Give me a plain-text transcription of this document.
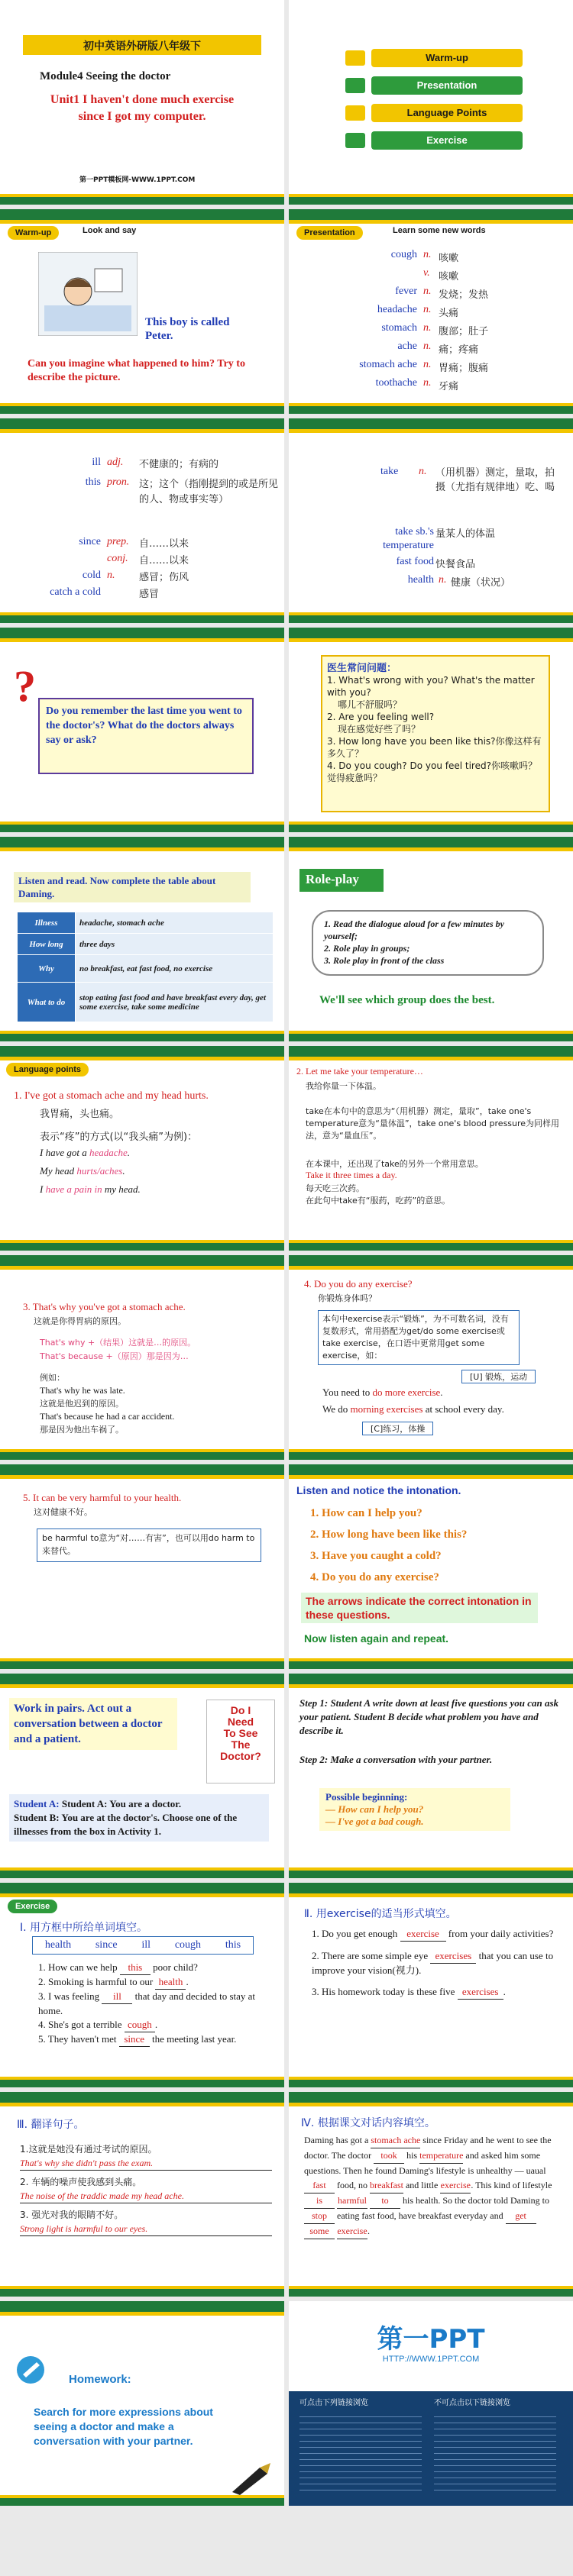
初中英语外研版八年级下
Module4 Seeing the doctor
Unit1 I haven't done much exercise
since I got my computer.
第一PPT模板网-WWW.1PPT.COM
Warm-up
Presentation
Language Points
Exercise
Warm-up	Look and say
This boy is called
Peter.
Can you imagine what happened to him? Try to describe the picture.
Presentation	Learn some new words
cough n. 咳嗽
v. 咳嗽
fever n. 发烧；发热
headache n. 头痛
stomach n. 腹部；肚子
ache n. 痛；疼痛
stomach ache n. 胃痛；腹痛
toothache n. 牙痛
ill adj. 不健康的；有病的
this pron. 这；这个（指刚提到的或是所见的人、物或事实等）
since prep. 自……以来
conj. 自……以来
cold n. 感冒；伤风
catch a cold	感冒
take n. （用机器）测定，量取，拍摄（尤指有规律地）吃、喝
take sb.'s temperature
量某人的体温
fast food 快餐食品
health n. 健康（状况）
?
Do you remember the last time you went to the doctor's? What do the doctors always say or ask?
医生常问问题：
1. What's wrong with you? What's the matter with you?
哪儿不舒服吗？
2. Are you feeling well?
现在感觉好些了吗？
3. How long have you been like this?你像这样有多久了？
4. Do you cough? Do you feel tired?你咳嗽吗？觉得疲惫吗？
Listen and read. Now complete the table about Daming.
Illness	headache, stomach ache
How long	three days
Why	no breakfast, eat fast food, no exercise
What to do	stop eating fast food and have breakfast every day, get some exercise, take some medicine
Role-play
1. Read the dialogue aloud for a few minutes by yourself;
2. Role play in groups;
3. Role play in front of the class
We'll see which group does the best.
Language points
1. I've got a stomach ache and my head hurts.
我胃痛，头也痛。
表示“疼”的方式(以“我头痛”为例)：
I have got a headache.
My head hurts/aches.
I have a pain in my head.
2. Let me take your temperature…
我给你量一下体温。
take在本句中的意思为“（用机器）测定，量取”，take one's temperature意为“量体温”，take one's blood pressure为同样用法，意为“量血压”。
在本课中，还出现了take的另外一个常用意思。
Take it three times a day.
每天吃三次药。
在此句中take有“服药，吃药”的意思。
3. That's why you've got a stomach ache.
这就是你得胃病的原因。
That's why +（结果）这就是…的原因。
That's because +（原因）那是因为…
例如：
That's why he was late.
这就是他迟到的原因。
That's because he had a car accident.
那是因为他出车祸了。
4. Do you do any exercise?
你锻炼身体吗？
本句中exercise表示“锻炼”，为不可数名词，没有复数形式，常用搭配为get/do some exercise或take exercise，在口语中更常用get some exercise，如：
[U] 锻炼，运动
You need to do more exercise.
We do morning exercises at school every day.
[C]练习，体操
5. It can be very harmful to your health.
这对健康不好。
be harmful to意为“对……有害”，也可以用do harm to来替代。
Listen and notice the intonation.
1. How can I help you?
2. How long have been like this?
3. Have you caught a cold?
4. Do you do any exercise?
The arrows indicate the correct intonation in these questions.
Now listen again and repeat.
Work in pairs. Act out a conversation between a doctor and a patient.
Do I
Need
To See
The
Doctor?
Student A: Student A: You are a doctor.
Student B: You are at the doctor's. Choose one of the illnesses from the box in Activity 1.
Step 1: Student A write down at least five questions you can ask your patient. Student B decide what problem you have and describe it.
Step 2: Make a conversation with your partner.
Possible beginning:
— How can I help you?
— I've got a bad cough.
Exercise
Ⅰ. 用方框中所给单词填空。
health since ill cough this
1. How can we help this poor child?
2. Smoking is harmful to our health .
3. I was feeling ill that day and decided to stay at home.
4. She's got a terrible cough .
5. They haven't met since the meeting last year.
Ⅱ. 用exercise的适当形式填空。
1. Do you get enough exercise from your daily activities?
2. There are some simple eye exercises that you can use to improve your vision(视力).
3. His homework today is these five exercises .
Ⅲ. 翻译句子。
1.这就是她没有通过考试的原因。
That's why she didn't pass the exam.
2. 车辆的噪声使我感到头痛。
The noise of the traddic made my head ache.
3. 强光对我的眼睛不好。
Strong light is harmful to our eyes.
Ⅳ. 根据课文对话内容填空。
Daming has got a stomach ache since Friday and he went to see the doctor. The doctor took his temperature and asked him some questions. Then he found Daming's lifestyle is unhealthy — uaual fast food, no breakfast and little exercise. This kind of lifestyle is harmful to his health. So the doctor told Daming to stop eating fast food, have breakfast everyday and get some exercise.
Homework:
Search for more expressions about seeing a doctor and make a conversation with your partner.
第一PPT
HTTP://WWW.1PPT.COM
可点击下列链接浏览	不可点击以下链接浏览
